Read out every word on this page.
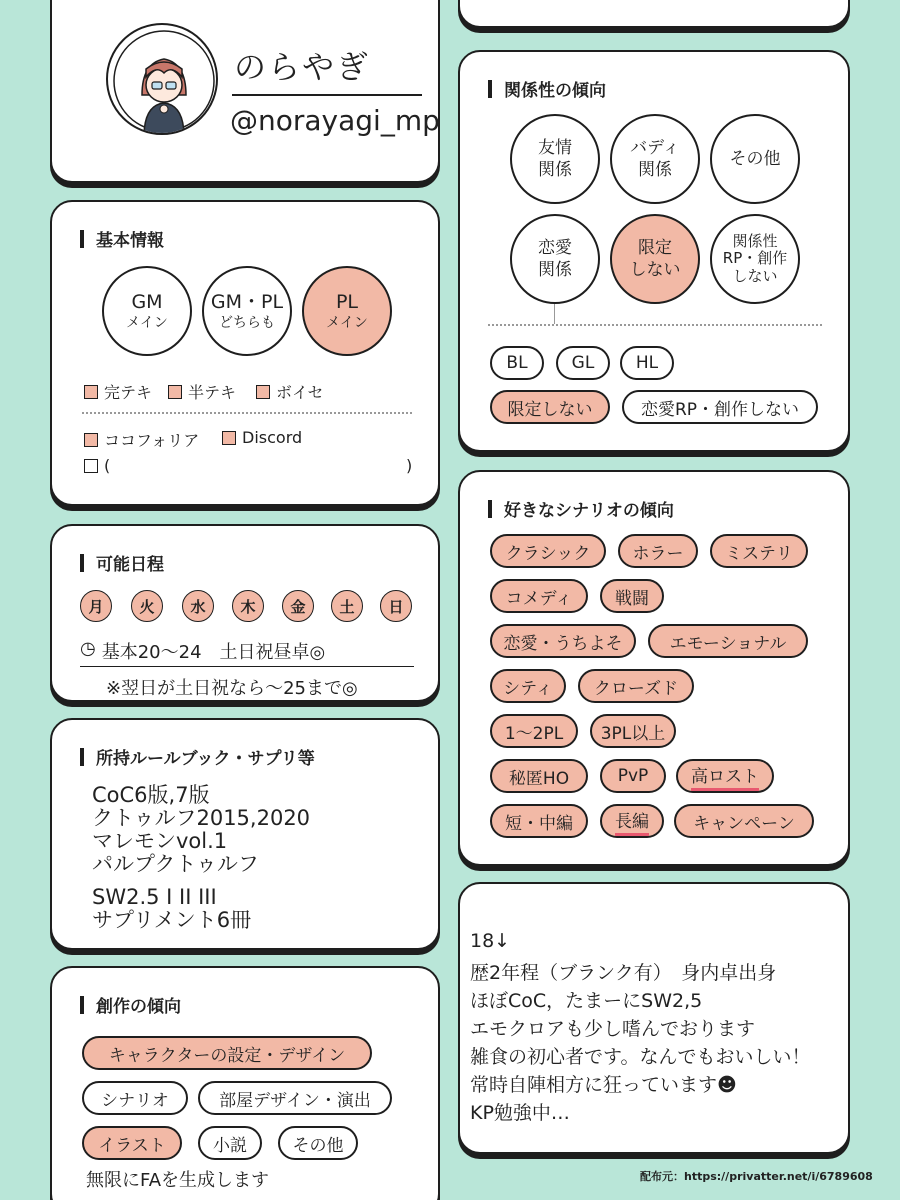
のらやぎ
@norayagi_mp
基本情報
GM
メイン
GM・PL
どちらも
PL
メイン
完テキ 半テキ ボイセ
ココフォリア	Discord
(	)
可能日程
月	火	水	木	金	土	日
◷ 基本20〜24　土日祝昼卓◎
※翌日が土日祝なら〜25まで◎
所持ルールブック・サプリ等
CoC6版,7版
クトゥルフ2015,2020
マレモンvol.1
パルプクトゥルフ
SW2.5 I II III
サプリメント6冊
創作の傾向
キャラクターの設定・デザイン
シナリオ	部屋デザイン・演出
イラスト	小説	その他
無限にFAを生成します
関係性の傾向
友情
関係
バディ
関係
その他
恋愛
関係
限定
しない
関係性
RP・創作
しない
BL	GL	HL
限定しない	恋愛RP・創作しない
好きなシナリオの傾向
クラシック	ホラー	ミステリ
コメディ	戦闘
恋愛・うちよそ	エモーショナル
シティ	クローズド
1〜2PL	3PL以上
秘匿HO	PvP	高ロスト
短・中編	長編	キャンペーン
18↓
歴2年程（ブランク有）　身内卓出身
ほぼCoC，たまーにSW2,5
エモクロアも少し嗜んでおります
雑食の初心者です。なんでもおいしい！
常時自陣相方に狂っています☻
KP勉強中…
配布元：https://privatter.net/i/6789608
